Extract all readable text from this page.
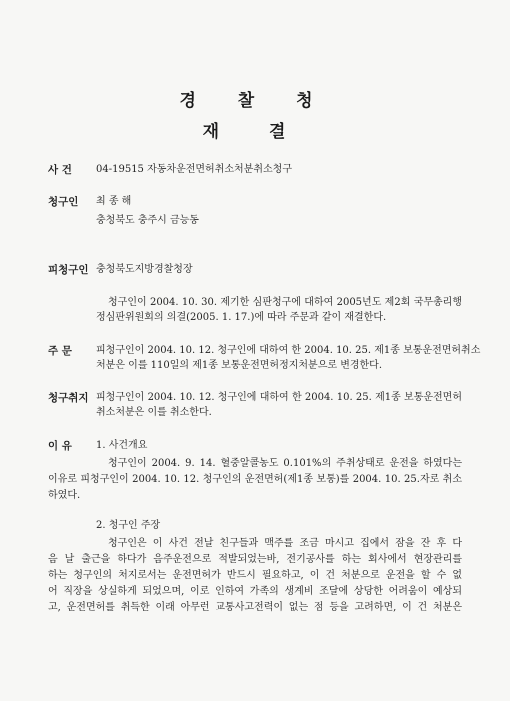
경 찰 청
재 결
사 건 04-19515 자동차운전면허취소처분취소청구
청구인 최 종 해
충청북도 충주시 금능동
피청구인 충청북도지방경찰청장
청구인이 2004. 10. 30. 제기한 심판청구에 대하여 2005년도 제2회 국무총리행
정심판위원회의 의결(2005. 1. 17.)에 따라 주문과 같이 재결한다.
주 문 피청구인이 2004. 10. 12. 청구인에 대하여 한 2004. 10. 25. 제1종 보통운전면허취소
처분은 이를 110일의 제1종 보통운전면허정지처분으로 변경한다.
청구취지 피청구인이 2004. 10. 12. 청구인에 대하여 한 2004. 10. 25. 제1종 보통운전면허
취소처분은 이를 취소한다.
이 유 1. 사건개요
청구인이 2004. 9. 14. 혈중알콜농도 0.101%의 주취상태로 운전을 하였다는
이유로 피청구인이 2004. 10. 12. 청구인의 운전면허(제1종 보통)를 2004. 10. 25.자로 취소
하였다.
2. 청구인 주장
청구인은 이 사건 전날 친구들과 맥주를 조금 마시고 집에서 잠을 잔 후 다
음 날 출근을 하다가 음주운전으로 적발되었는바, 전기공사를 하는 회사에서 현장관리를
하는 청구인의 처지로서는 운전면허가 반드시 필요하고, 이 건 처분으로 운전을 할 수 없
어 직장을 상실하게 되었으며, 이로 인하여 가족의 생계비 조달에 상당한 어려움이 예상되
고, 운전면허를 취득한 이래 아무런 교통사고전력이 없는 점 등을 고려하면, 이 건 처분은
